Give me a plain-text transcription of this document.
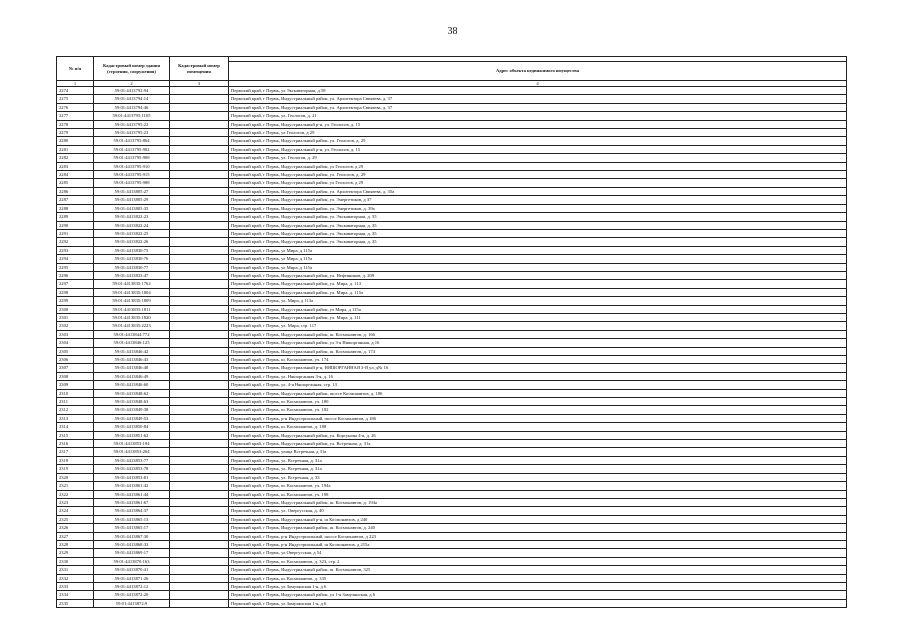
38
№ п/п	Кадастровый номер здания (строения, сооружения)	Кадастровый номер помещения	
			Адрес объекта недвижимого имущества
1	2	3	4
2274	59:01:4413792:94		Пермский край, г Пермь, ул Экскаваторная, д 58
2275	59:01:4413794:14		Пермский край, г Пермь, Индустриальный район, ул. Архитектора Свиязева, д. 37
2276	59:01:4413794:46		Пермский край, г Пермь, Индустриальный район, ул. Архитектора Свиязева, д. 37
2277	59:01:4413795:1105		Пермский край, г Пермь, ул. Геологов, д. 21
2278	59:01:4413795:22		Пермский край, г Пермь, Индустриальный р-н, ул. Геологов, д. 15
2279	59:01:4413795:23		Пермский край, г Пермь, ул Геологов, д 29
2280	59:01:4413795:864		Пермский край, г Пермь, Индустриальный район, ул. Геологов, д. 29
2281	59:01:4413795:902		Пермский край, г Пермь, Индустриальный р-н, ул. Геологов, д. 15
2282	59:01:4413795:908		Пермский край, г Пермь, ул. Геологов, д. 29
2283	59:01:4413795:910		Пермский край, г Пермь, Индустриальный район, ул Геологов, д 29
2284	59:01:4413795:915		Пермский край, г Пермь, Индустриальный район, ул. Геологов, д. 29
2285	59:01:4413795:988		Пермский край, г Пермь, Индустриальный район, ул Геологов, д 29
2286	59:01:4413805:27		Пермский край, г Пермь, Индустриальный район, ул. Архитектора Свиязева, д. 35а
2287	59:01:4413805:29		Пермский край, г Пермь, Индустриальный район, ул. Энергетиков, д 37
2288	59:01:4413805:35		Пермский край, г Пермь, Индустриальный район, ул. Энергетиков, д. 39а
2289	59:01:4413822:23		Пермский край, г Пермь, Индустриальный район, ул. Экскаваторная, д. 35
2290	59:01:4413822:24		Пермский край, г Пермь, Индустриальный район, ул. Экскаваторная, д. 35
2291	59:01:4413822:25		Пермский край, г Пермь, Индустриальный район, ул. Экскаваторная, д. 35
2292	59:01:4413822:26		Пермский край, г Пермь, Индустриальный район, ул. Экскаваторная, д. 35
2293	59:01:4413830:75		Пермский край, г Пермь, ул Мира, д 115а
2294	59:01:4413830:76		Пермский край, г Пермь, ул Мира, д 115а
2295	59:01:4413830:77		Пермский край, г Пермь, ул Мира, д 115а
2296	59:01:4413833:47		Пермский край, г Пермь, Индустриальный район, ул. Нефтяников, д. 209
2297	59:01:4413835:1762		Пермский край, г Пермь, Индустриальный район, ул. Мира, д. 113
2298	59:01:4413835:1804		Пермский край, г Пермь, Индустриальный район, ул. Мира, д. 115а
2299	59:01:4413835:1809		Пермский край, г Пермь, ул. Мира, д 113а
2300	59:01:4413835:1811		Пермский край, г Пермь, Индустриальный район, ул Мира, д 115а
2301	59:01:4413835:1820		Пермский край, г Пермь, Индустриальный район, ул. Мира, д. 111
2302	59:01:4413835:2223		Пермский край, г Пермь, ул. Мира, стр. 117
2303	59:01:4413844:772		Пермский край, г Пермь, Индустриальный район, ш. Космонавтов, д. 166
2304	59:01:4413846:125		Пермский край, г Пермь, Индустриальный район, ул 3-я Няшорганная, д 16
2305	59:01:4413846:42		Пермский край, г Пермь, Индустриальный район, ш. Космонавтов, д. 174
2306	59:01:4413846:43		Пермский край, г Пермь, ш. Космонавтов, уч. 174
2307	59:01:4413846:48		Пермский край, г Пермь, Индустриальный р-н, НЯШОРГАННАЯ 3-Я ул, д№ 16
2308	59:01:4413846:49		Пермский край, г Пермь, ул. Няшорганная 3-я, д. 16
2309	59:01:4413846:60		Пермский край, г Пермь, ул. 4-я Няшорганная, стр. 13
2310	59:01:4413848:62		Пермский край, г Пермь, Индустриальный район, шоссе Космонавтов, д. 180
2311	59:01:4413848:63		Пермский край, г Пермь, ш. Космонавтов, уч. 180
2312	59:01:4413849:38		Пермский край, г Пермь, ш. Космонавтов, уч. 182
2313	59:01:4413849:53		Пермский край, г Пермь, р-н Индустриальный, шоссе Космонавтов, д 186
2314	59:01:4413850:84		Пермский край, г Пермь, ш. Космонавтов, д. 188
2315	59:01:4413851:62		Пермский край, г Пермь, Индустриальный район, ул. Корсунова 4-я, д. 26
2316	59:01:4413853:194		Пермский край, г Пермь, Индустриальный район, ул. Встречная, д. 31а
2317	59:01:4413853:264		Пермский край, г Пермь, улица Встречная, д 31а
2318	59:01:4413853:77		Пермский край, г Пермь, ул. Встречная, д. 31а
2319	59:01:4413853:78		Пермский край, г Пермь, ул. Встречная, д. 31а
2320	59:01:4413853:81		Пермский край, г Пермь, ул. Встречная, д. 33
2321	59:01:4413861:42		Пермский край, г Пермь, ш. Космонавтов, уч. 194а
2322	59:01:4413861:44		Пермский край, г Пермь, ш. Космонавтов, уч. 198
2323	59:01:4413861:67		Пермский край, г Пермь, Индустриальный район, ш. Космонавтов, д. 194а
2324	59:01:4413864:37		Пермский край, г Пермь, ул. Овергусская, д. 40
2325	59:01:4413865:13		Пермский край, г Пермь, Индустриальный р-н, ш Космонавтов, д 240
2326	59:01:4413865:17		Пермский край, г Пермь, Индустриальный район, ш. Космонавтов, д. 240
2327	59:01:4413867:30		Пермский край, г Пермь, р-н Индустриальный, шоссе Космонавтов, д 223
2328	59:01:4413868:33		Пермский край, г Пермь, р-н Индустриальный, ш Космонавтов, д 215а
2329	59:01:4413869:17		Пермский край, г Пермь, ул Овергусская, д 54
2330	59:01:4413870:163		Пермский край, г Пермь, ш. Космонавтов, д. 323, стр. 2
2331	59:01:4413870:41		Пермский край, г Пермь, Индустриальный район, ш. Космонавтов, 325
2332	59:01:4413871:26		Пермский край, г Пермь, ш. Космонавтов, д. 335
2333	59:01:4413872:12		Пермский край, г Пермь, ул Замулянская 1-я, д 6
2334	59:01:4413872:20		Пермский край, г Пермь, Индустриальный район, ул 1-я Замулянская, д 6
2335	59:01:4413872:9		Пермский край, г Пермь, ул Замулянская 1-я, д 6
